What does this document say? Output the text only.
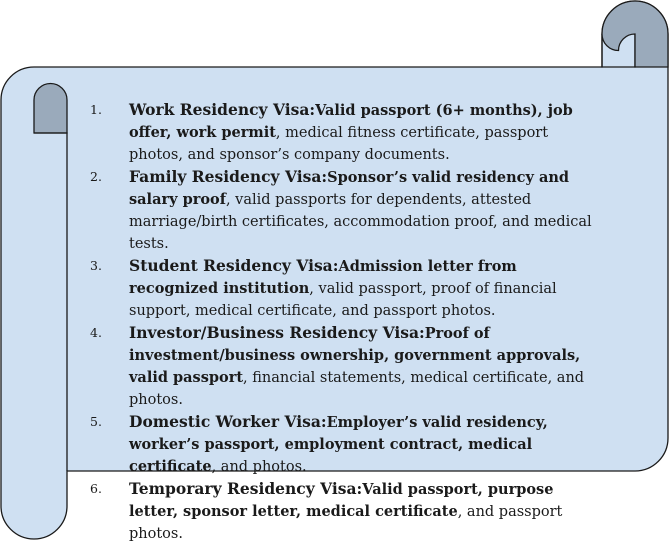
1.	Work Residency Visa:Valid passport (6+ months), job offer, work permit, medical fitness certificate, passport photos, and sponsor’s company documents.
2.	Family Residency Visa:Sponsor’s valid residency and salary proof, valid passports for dependents, attested marriage/birth certificates, accommodation proof, and medical tests.
3.	Student Residency Visa:Admission letter from recognized institution, valid passport, proof of financial support, medical certificate, and passport photos.
4.	Investor/Business Residency Visa:Proof of investment/business ownership, government approvals, valid passport, financial statements, medical certificate, and photos.
5.	Domestic Worker Visa:Employer’s valid residency, worker’s passport, employment contract, medical certificate, and photos.
6.	Temporary Residency Visa:Valid passport, purpose letter, sponsor letter, medical certificate, and passport photos.
